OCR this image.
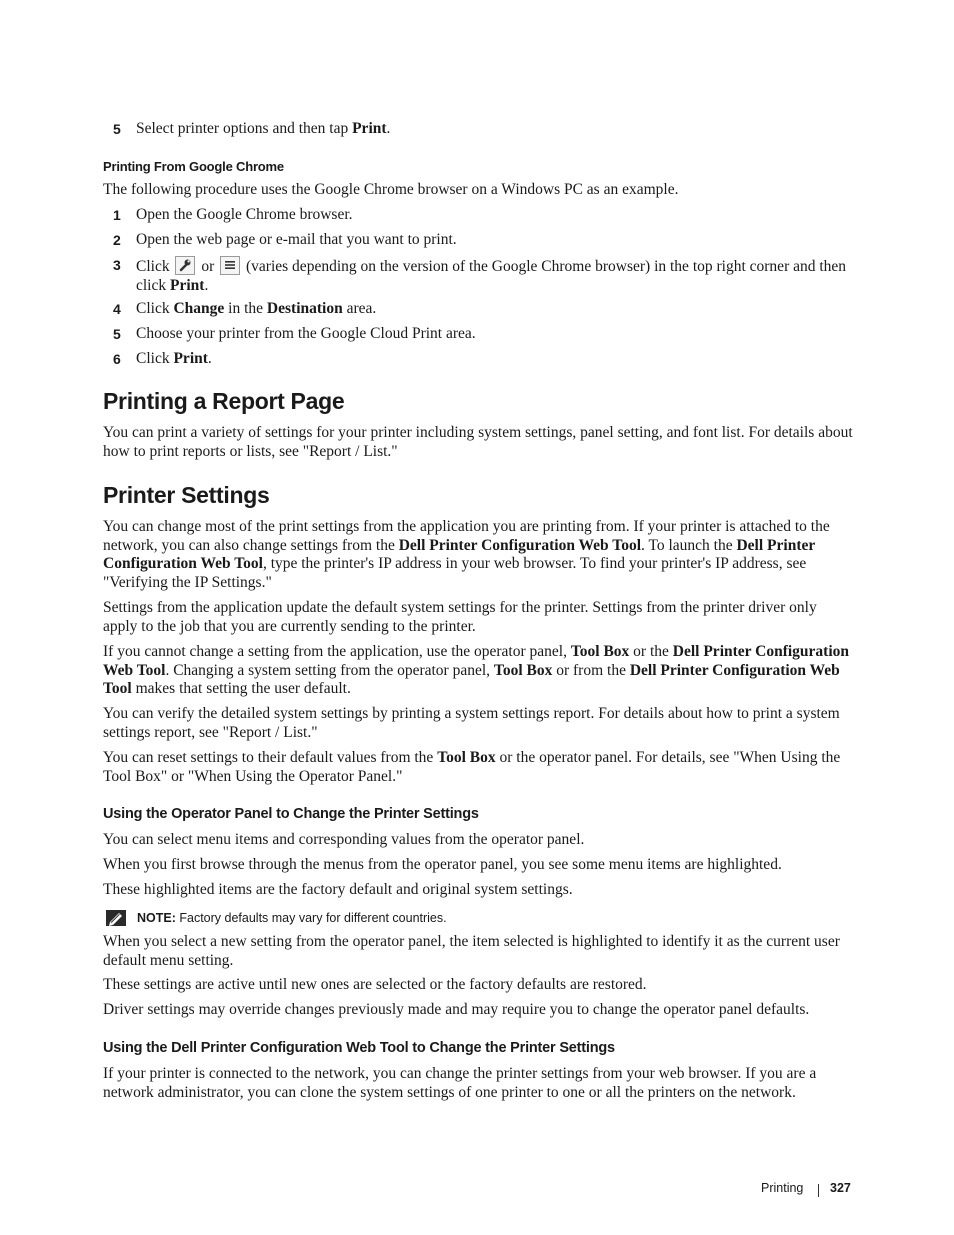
5 Select printer options and then tap Print.
Printing From Google Chrome
The following procedure uses the Google Chrome browser on a Windows PC as an example.
1 Open the Google Chrome browser.
2 Open the web page or e-mail that you want to print.
3 Click
or
(varies depending on the version of the Google Chrome browser) in the top right corner and then click Print.
4 Click Change in the Destination area.
5 Choose your printer from the Google Cloud Print area.
6 Click Print.
Printing a Report Page
You can print a variety of settings for your printer including system settings, panel setting, and font list. For details about how to print reports or lists, see "Report / List."
Printer Settings
You can change most of the print settings from the application you are printing from. If your printer is attached to the network, you can also change settings from the Dell Printer Configuration Web Tool. To launch the Dell Printer Configuration Web Tool, type the printer's IP address in your web browser. To find your printer's IP address, see "Verifying the IP Settings."
Settings from the application update the default system settings for the printer. Settings from the printer driver only apply to the job that you are currently sending to the printer.
If you cannot change a setting from the application, use the operator panel, Tool Box or the Dell Printer Configuration Web Tool. Changing a system setting from the operator panel, Tool Box or from the Dell Printer Configuration Web Tool makes that setting the user default.
You can verify the detailed system settings by printing a system settings report. For details about how to print a system settings report, see "Report / List."
You can reset settings to their default values from the Tool Box or the operator panel. For details, see "When Using the Tool Box" or "When Using the Operator Panel."
Using the Operator Panel to Change the Printer Settings
You can select menu items and corresponding values from the operator panel.
When you first browse through the menus from the operator panel, you see some menu items are highlighted.
These highlighted items are the factory default and original system settings.
NOTE: Factory defaults may vary for different countries.
When you select a new setting from the operator panel, the item selected is highlighted to identify it as the current user default menu setting.
These settings are active until new ones are selected or the factory defaults are restored.
Driver settings may override changes previously made and may require you to change the operator panel defaults.
Using the Dell Printer Configuration Web Tool to Change the Printer Settings
If your printer is connected to the network, you can change the printer settings from your web browser. If you are a network administrator, you can clone the system settings of one printer to one or all the printers on the network.
Printing 327
